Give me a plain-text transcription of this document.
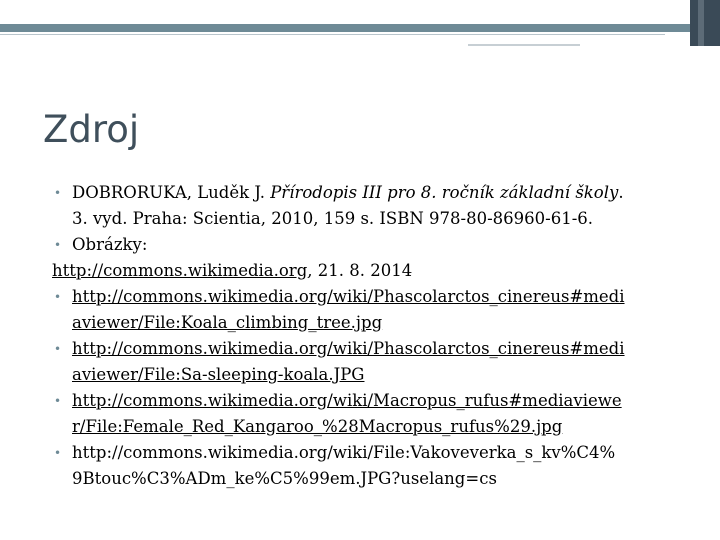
Zdroj
• DOBRORUKA, Luděk J. Přírodopis III pro 8. ročník základní školy.
3. vyd. Praha: Scientia, 2010, 159 s. ISBN 978-80-86960-61-6.
• Obrázky:
http://commons.wikimedia.org, 21. 8. 2014
• http://commons.wikimedia.org/wiki/Phascolarctos_cinereus#medi
aviewer/File:Koala_climbing_tree.jpg
• http://commons.wikimedia.org/wiki/Phascolarctos_cinereus#medi
aviewer/File:Sa-sleeping-koala.JPG
• http://commons.wikimedia.org/wiki/Macropus_rufus#mediaviewe
r/File:Female_Red_Kangaroo_%28Macropus_rufus%29.jpg
• http://commons.wikimedia.org/wiki/File:Vakoveverka_s_kv%C4%
9Btouc%C3%ADm_ke%C5%99em.JPG?uselang=cs
